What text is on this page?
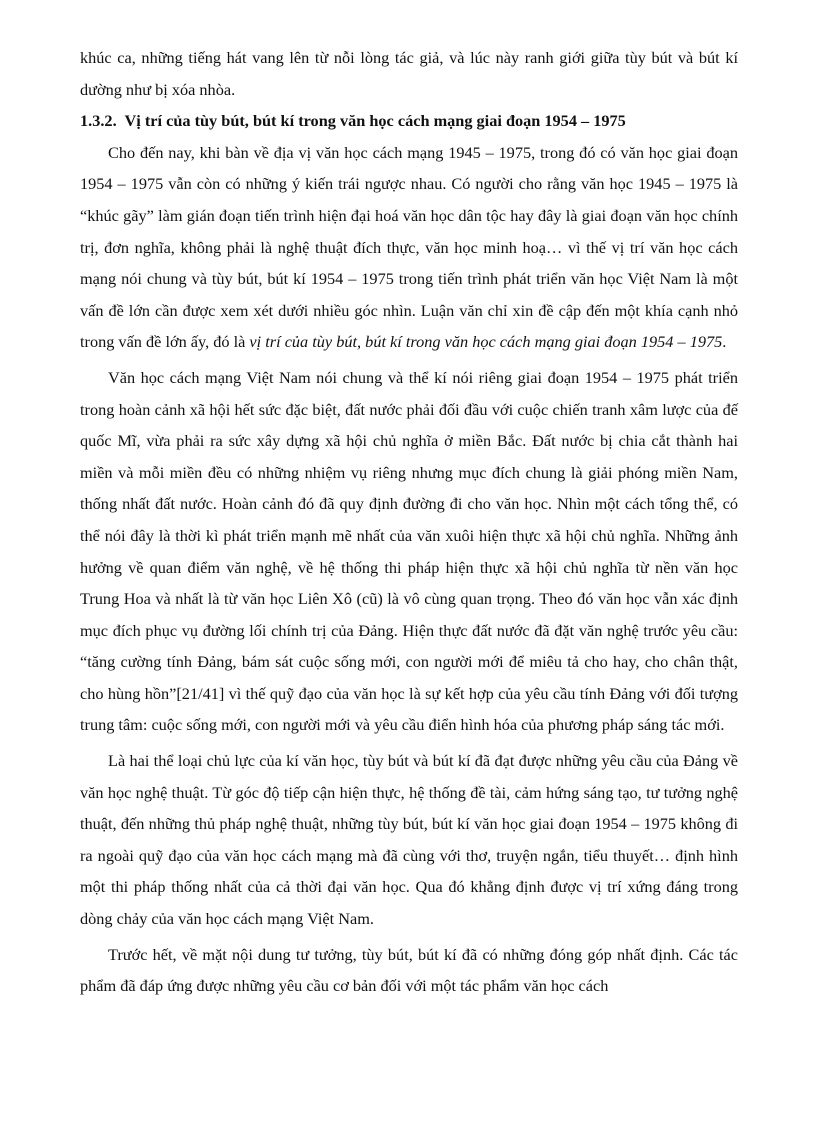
khúc ca, những tiếng hát vang lên từ nỗi lòng tác giả, và lúc này ranh giới giữa tùy bút và bút kí dường như bị xóa nhòa.

1.3.2. Vị trí của tùy bút, bút kí trong văn học cách mạng giai đoạn 1954 – 1975

Cho đến nay, khi bàn về địa vị văn học cách mạng 1945 – 1975, trong đó có văn học giai đoạn 1954 – 1975 vẫn còn có những ý kiến trái ngược nhau. Có người cho rằng văn học 1945 – 1975 là “khúc gãy” làm gián đoạn tiến trình hiện đại hoá văn học dân tộc hay đây là giai đoạn văn học chính trị, đơn nghĩa, không phải là nghệ thuật đích thực, văn học minh hoạ… vì thế vị trí văn học cách mạng nói chung và tùy bút, bút kí 1954 – 1975 trong tiến trình phát triển văn học Việt Nam là một vấn đề lớn cần được xem xét dưới nhiều góc nhìn. Luận văn chỉ xin đề cập đến một khía cạnh nhỏ trong vấn đề lớn ấy, đó là vị trí của tùy bút, bút kí trong văn học cách mạng giai đoạn 1954 – 1975.

Văn học cách mạng Việt Nam nói chung và thể kí nói riêng giai đoạn 1954 – 1975 phát triển trong hoàn cảnh xã hội hết sức đặc biệt, đất nước phải đối đầu với cuộc chiến tranh xâm lược của đế quốc Mĩ, vừa phải ra sức xây dựng xã hội chủ nghĩa ở miền Bắc. Đất nước bị chia cắt thành hai miền và mỗi miền đều có những nhiệm vụ riêng nhưng mục đích chung là giải phóng miền Nam, thống nhất đất nước. Hoàn cảnh đó đã quy định đường đi cho văn học. Nhìn một cách tổng thể, có thể nói đây là thời kì phát triển mạnh mẽ nhất của văn xuôi hiện thực xã hội chủ nghĩa. Những ảnh hưởng về quan điểm văn nghệ, về hệ thống thi pháp hiện thực xã hội chủ nghĩa từ nền văn học Trung Hoa và nhất là từ văn học Liên Xô (cũ) là vô cùng quan trọng. Theo đó văn học vẫn xác định mục đích phục vụ đường lối chính trị của Đảng. Hiện thực đất nước đã đặt văn nghệ trước yêu cầu: “tăng cường tính Đảng, bám sát cuộc sống mới, con người mới để miêu tả cho hay, cho chân thật, cho hùng hồn”[21/41] vì thế quỹ đạo của văn học là sự kết hợp của yêu cầu tính Đảng với đối tượng trung tâm: cuộc sống mới, con người mới và yêu cầu điển hình hóa của phương pháp sáng tác mới.

Là hai thể loại chủ lực của kí văn học, tùy bút và bút kí đã đạt được những yêu cầu của Đảng về văn học nghệ thuật. Từ góc độ tiếp cận hiện thực, hệ thống đề tài, cảm hứng sáng tạo, tư tưởng nghệ thuật, đến những thủ pháp nghệ thuật, những tùy bút, bút kí văn học giai đoạn 1954 – 1975 không đi ra ngoài quỹ đạo của văn học cách mạng mà đã cùng với thơ, truyện ngắn, tiểu thuyết… định hình một thi pháp thống nhất của cả thời đại văn học. Qua đó khẳng định được vị trí xứng đáng trong dòng chảy của văn học cách mạng Việt Nam.

Trước hết, về mặt nội dung tư tưởng, tùy bút, bút kí đã có những đóng góp nhất định. Các tác phẩm đã đáp ứng được những yêu cầu cơ bản đối với một tác phẩm văn học cách
